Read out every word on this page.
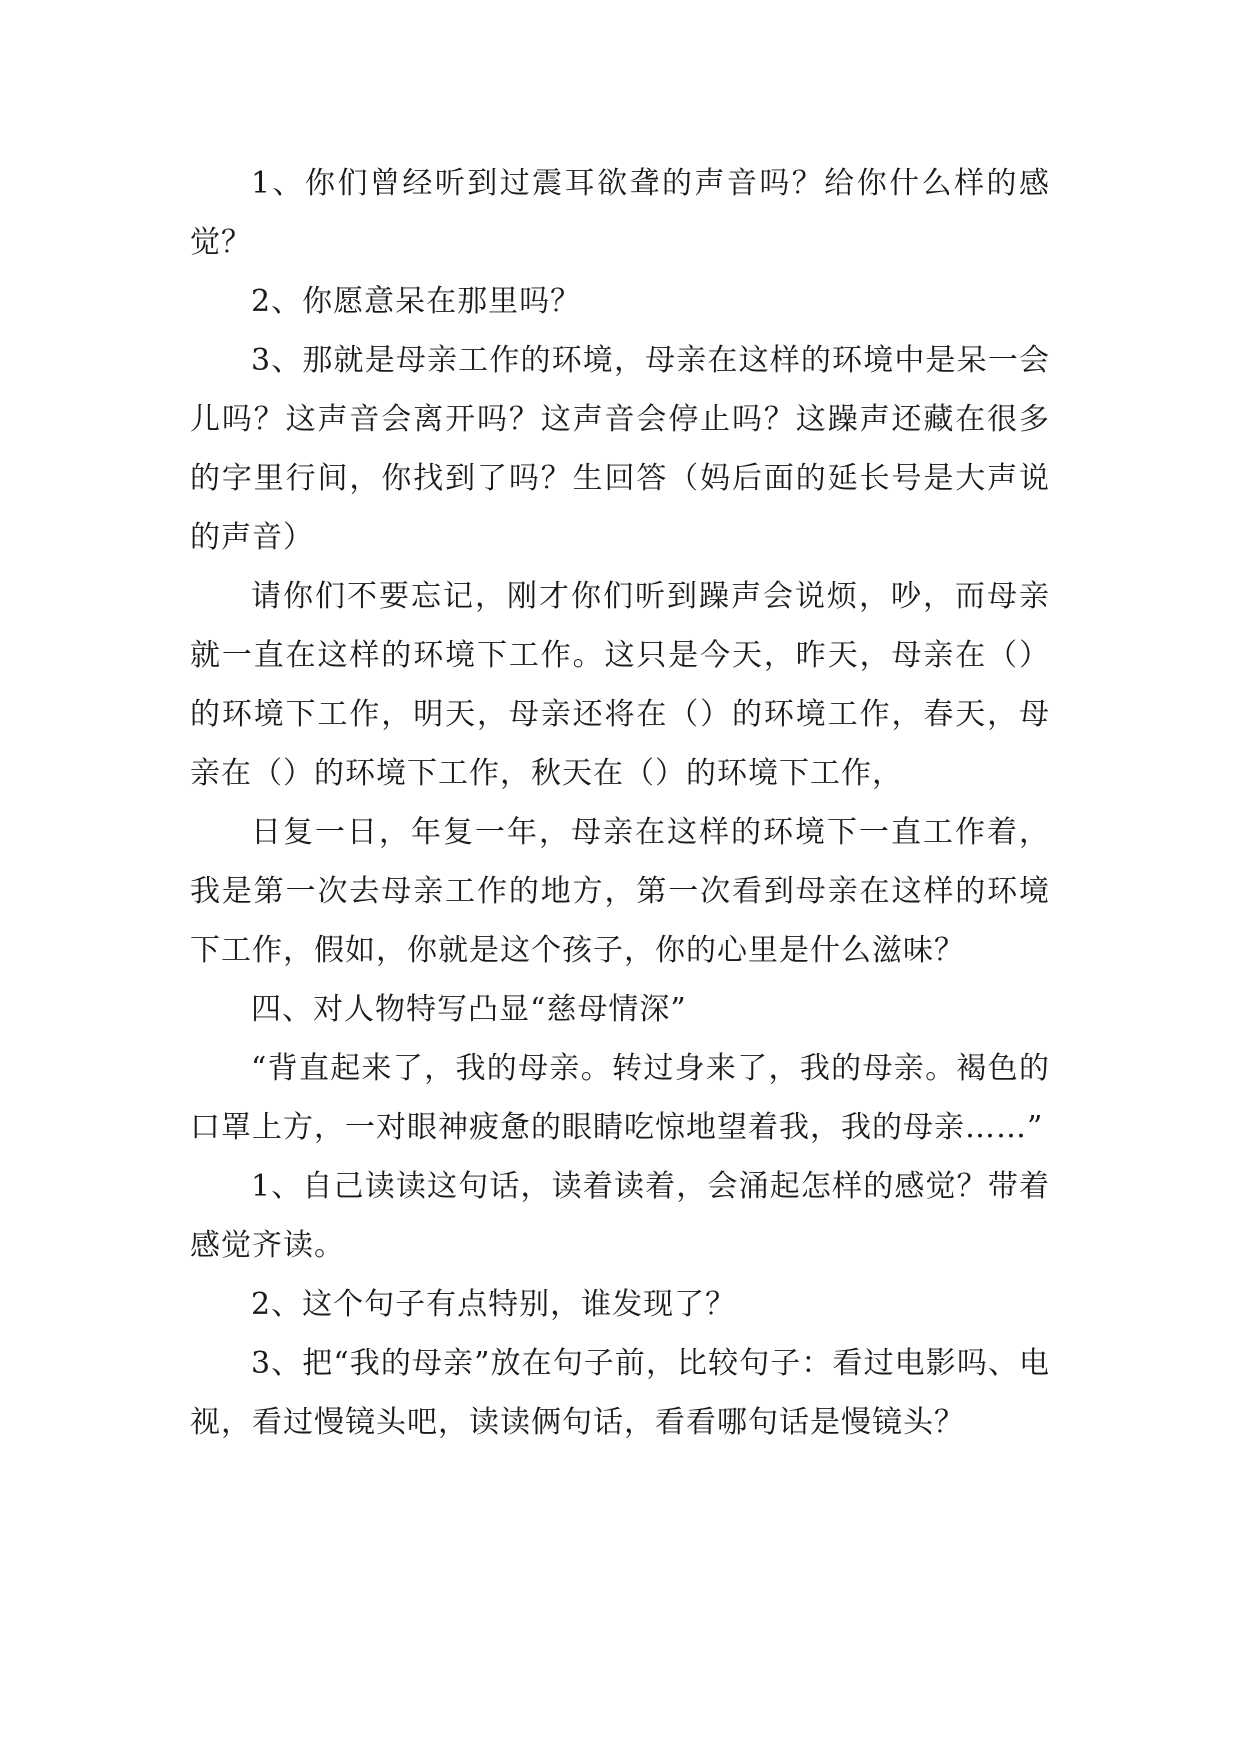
1、你们曾经听到过震耳欲聋的声音吗？给你什么样的感觉？

2、你愿意呆在那里吗？

3、那就是母亲工作的环境，母亲在这样的环境中是呆一会儿吗？这声音会离开吗？这声音会停止吗？这躁声还藏在很多的字里行间，你找到了吗？生回答（妈后面的延长号是大声说的声音）

请你们不要忘记，刚才你们听到躁声会说烦，吵，而母亲就一直在这样的环境下工作。这只是今天，昨天，母亲在（）的环境下工作，明天，母亲还将在（）的环境工作，春天，母亲在（）的环境下工作，秋天在（）的环境下工作，

日复一日，年复一年，母亲在这样的环境下一直工作着，我是第一次去母亲工作的地方，第一次看到母亲在这样的环境下工作，假如，你就是这个孩子，你的心里是什么滋味？

四、对人物特写凸显“慈母情深”

“背直起来了，我的母亲。转过身来了，我的母亲。褐色的口罩上方，一对眼神疲惫的眼睛吃惊地望着我，我的母亲……”

1、自己读读这句话，读着读着，会涌起怎样的感觉？带着感觉齐读。

2、这个句子有点特别，谁发现了？

3、把“我的母亲”放在句子前，比较句子：看过电影吗、电视，看过慢镜头吧，读读俩句话，看看哪句话是慢镜头？
